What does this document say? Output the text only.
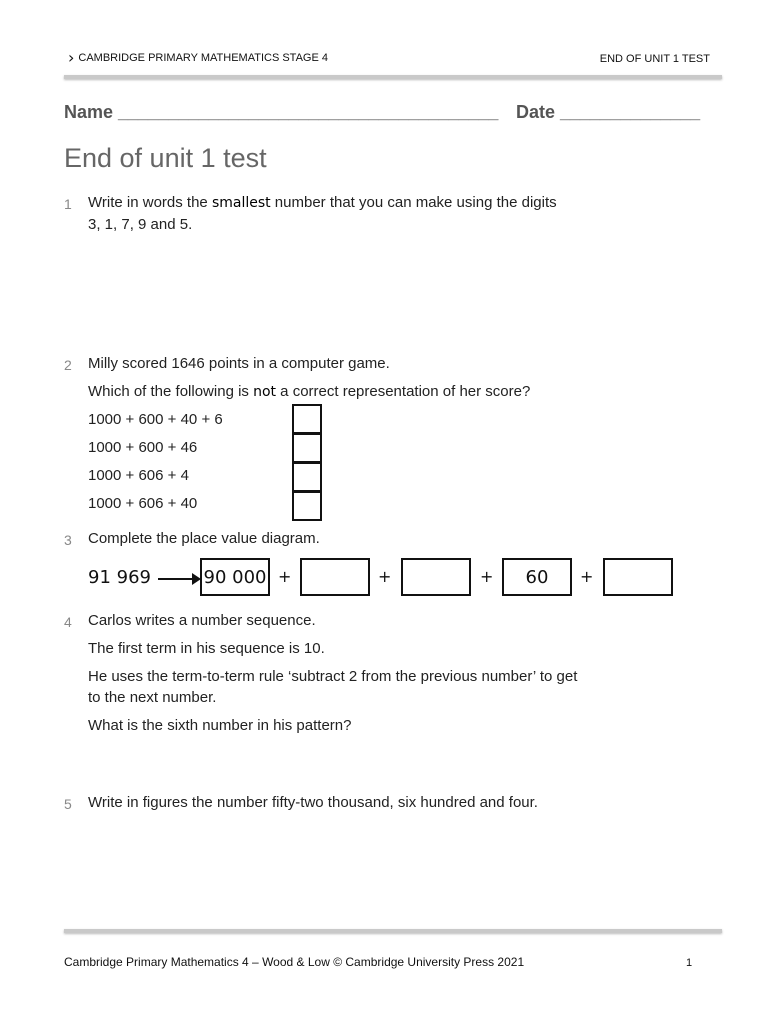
› CAMBRIDGE PRIMARY MATHEMATICS STAGE 4	END OF UNIT 1 TEST
Name ______________________________________ Date ______________
End of unit 1 test
1 Write in words the smallest number that you can make using the digits
3, 1, 7, 9 and 5.
2 Milly scored 1646 points in a computer game.
Which of the following is not a correct representation of her score?
1000 + 600 + 40 + 6
1000 + 600 + 46
1000 + 606 + 4
1000 + 606 + 40
3 Complete the place value diagram.
91 969	90 000 +	+	+	60	+
4 Carlos writes a number sequence.
The first term in his sequence is 10.
He uses the term-to-term rule ‘subtract 2 from the previous number’ to get
to the next number.
What is the sixth number in his pattern?
5 Write in figures the number fifty-two thousand, six hundred and four.
Cambridge Primary Mathematics 4 – Wood & Low © Cambridge University Press 2021	1
